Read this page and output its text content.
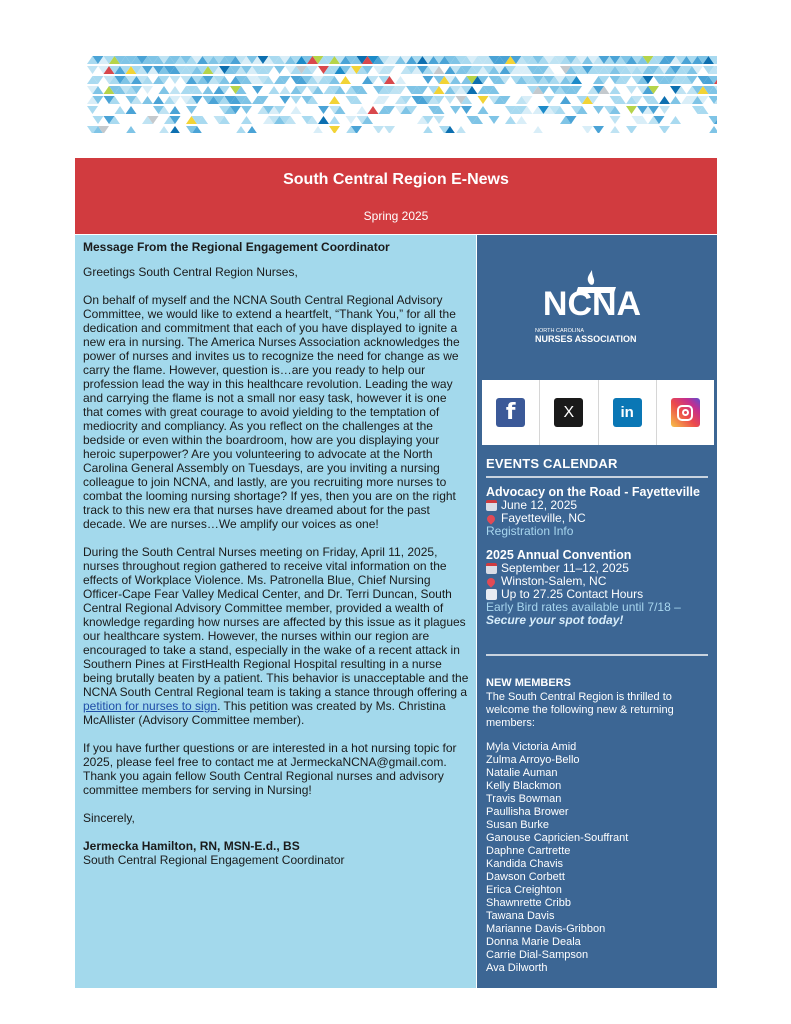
South Central Region E-News
Spring 2025

Message From the Regional Engagement Coordinator

Greetings South Central Region Nurses,

On behalf of myself and the NCNA South Central Regional Advisory Committee, we would like to extend a heartfelt, “Thank You,” for all the dedication and commitment that each of you have displayed to ignite a new era in nursing. The America Nurses Association acknowledges the power of nurses and invites us to recognize the need for change as we carry the flame. However, question is…are you ready to help our profession lead the way in this healthcare revolution. Leading the way and carrying the flame is not a small nor easy task, however it is one that comes with great courage to avoid yielding to the temptation of mediocrity and compliancy. As you reflect on the challenges at the bedside or even within the boardroom, how are you displaying your heroic superpower? Are you volunteering to advocate at the North Carolina General Assembly on Tuesdays, are you inviting a nursing colleague to join NCNA, and lastly, are you recruiting more nurses to combat the looming nursing shortage? If yes, then you are on the right track to this new era that nurses have dreamed about for the past decade. We are nurses…We amplify our voices as one!

During the South Central Nurses meeting on Friday, April 11, 2025, nurses throughout region gathered to receive vital information on the effects of Workplace Violence. Ms. Patronella Blue, Chief Nursing Officer-Cape Fear Valley Medical Center, and Dr. Terri Duncan, South Central Regional Advisory Committee member, provided a wealth of knowledge regarding how nurses are affected by this issue as it plagues our healthcare system. However, the nurses within our region are encouraged to take a stand, especially in the wake of a recent attack in Southern Pines at FirstHealth Regional Hospital resulting in a nurse being brutally beaten by a patient. This behavior is unacceptable and the NCNA South Central Regional team is taking a stance through offering a petition for nurses to sign. This petition was created by Ms. Christina McAllister (Advisory Committee member).

If you have further questions or are interested in a hot nursing topic for 2025, please feel free to contact me at JermeckaNCNA@gmail.com. Thank you again fellow South Central Regional nurses and advisory committee members for serving in Nursing!

Sincerely,

Jermecka Hamilton, RN, MSN-E.d., BS
South Central Regional Engagement Coordinator
NCNA
NORTH CAROLINA
NURSES ASSOCIATION
f	X	in
EVENTS CALENDAR
Advocacy on the Road - Fayetteville
June 12, 2025
Fayetteville, NC
Registration Info
2025 Annual Convention
September 11–12, 2025
Winston-Salem, NC
Up to 27.25 Contact Hours
Early Bird rates available until 7/18 –
Secure your spot today!
NEW MEMBERS
The South Central Region is thrilled to welcome the following new & returning members:
Myla Victoria Amid
Zulma Arroyo-Bello
Natalie Auman
Kelly Blackmon
Travis Bowman
Paullisha Brower
Susan Burke
Ganouse Capricien-Souffrant
Daphne Cartrette
Kandida Chavis
Dawson Corbett
Erica Creighton
Shawnrette Cribb
Tawana Davis
Marianne Davis-Gribbon
Donna Marie Deala
Carrie Dial-Sampson
Ava Dilworth
